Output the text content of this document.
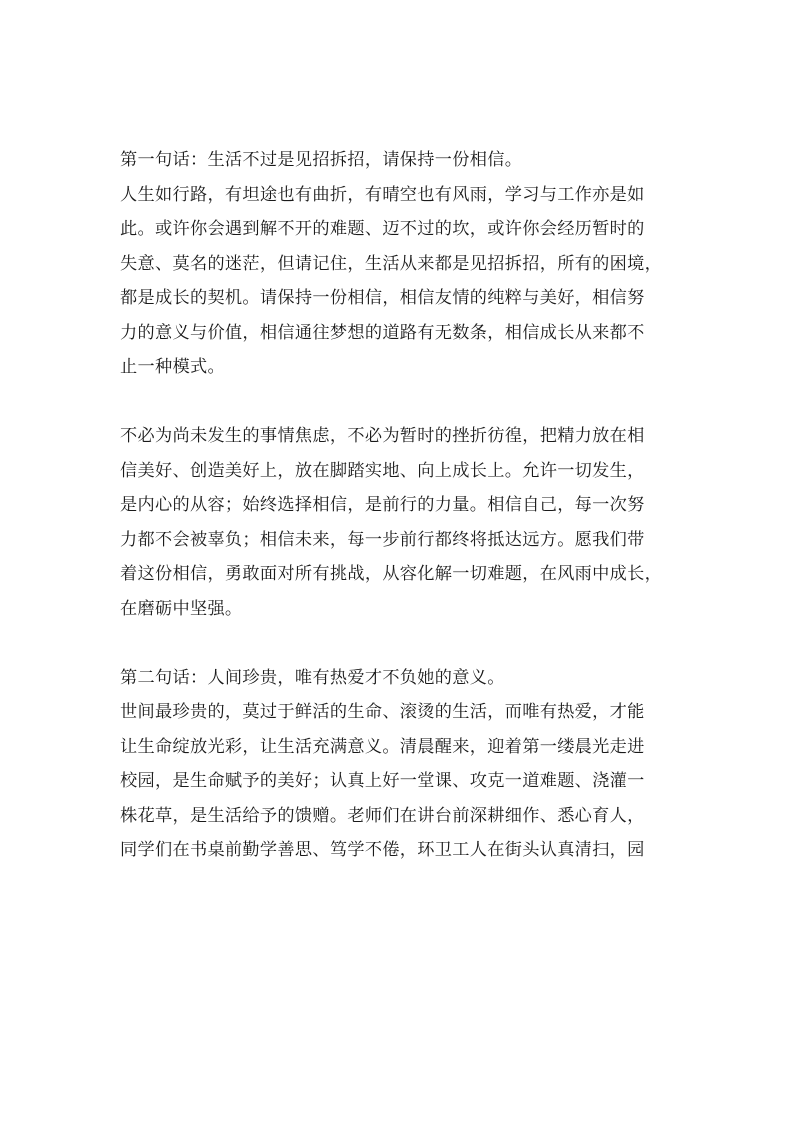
第一句话：生活不过是见招拆招，请保持一份相信。
人生如行路，有坦途也有曲折，有晴空也有风雨，学习与工作亦是如
此。或许你会遇到解不开的难题、迈不过的坎，或许你会经历暂时的
失意、莫名的迷茫，但请记住，生活从来都是见招拆招，所有的困境，
都是成长的契机。请保持一份相信，相信友情的纯粹与美好，相信努
力的意义与价值，相信通往梦想的道路有无数条，相信成长从来都不
止一种模式。
不必为尚未发生的事情焦虑，不必为暂时的挫折彷徨，把精力放在相
信美好、创造美好上，放在脚踏实地、向上成长上。允许一切发生，
是内心的从容；始终选择相信，是前行的力量。相信自己，每一次努
力都不会被辜负；相信未来，每一步前行都终将抵达远方。愿我们带
着这份相信，勇敢面对所有挑战，从容化解一切难题，在风雨中成长，
在磨砺中坚强。
第二句话：人间珍贵，唯有热爱才不负她的意义。
世间最珍贵的，莫过于鲜活的生命、滚烫的生活，而唯有热爱，才能
让生命绽放光彩，让生活充满意义。清晨醒来，迎着第一缕晨光走进
校园，是生命赋予的美好；认真上好一堂课、攻克一道难题、浇灌一
株花草，是生活给予的馈赠。老师们在讲台前深耕细作、悉心育人，
同学们在书桌前勤学善思、笃学不倦，环卫工人在街头认真清扫，园
